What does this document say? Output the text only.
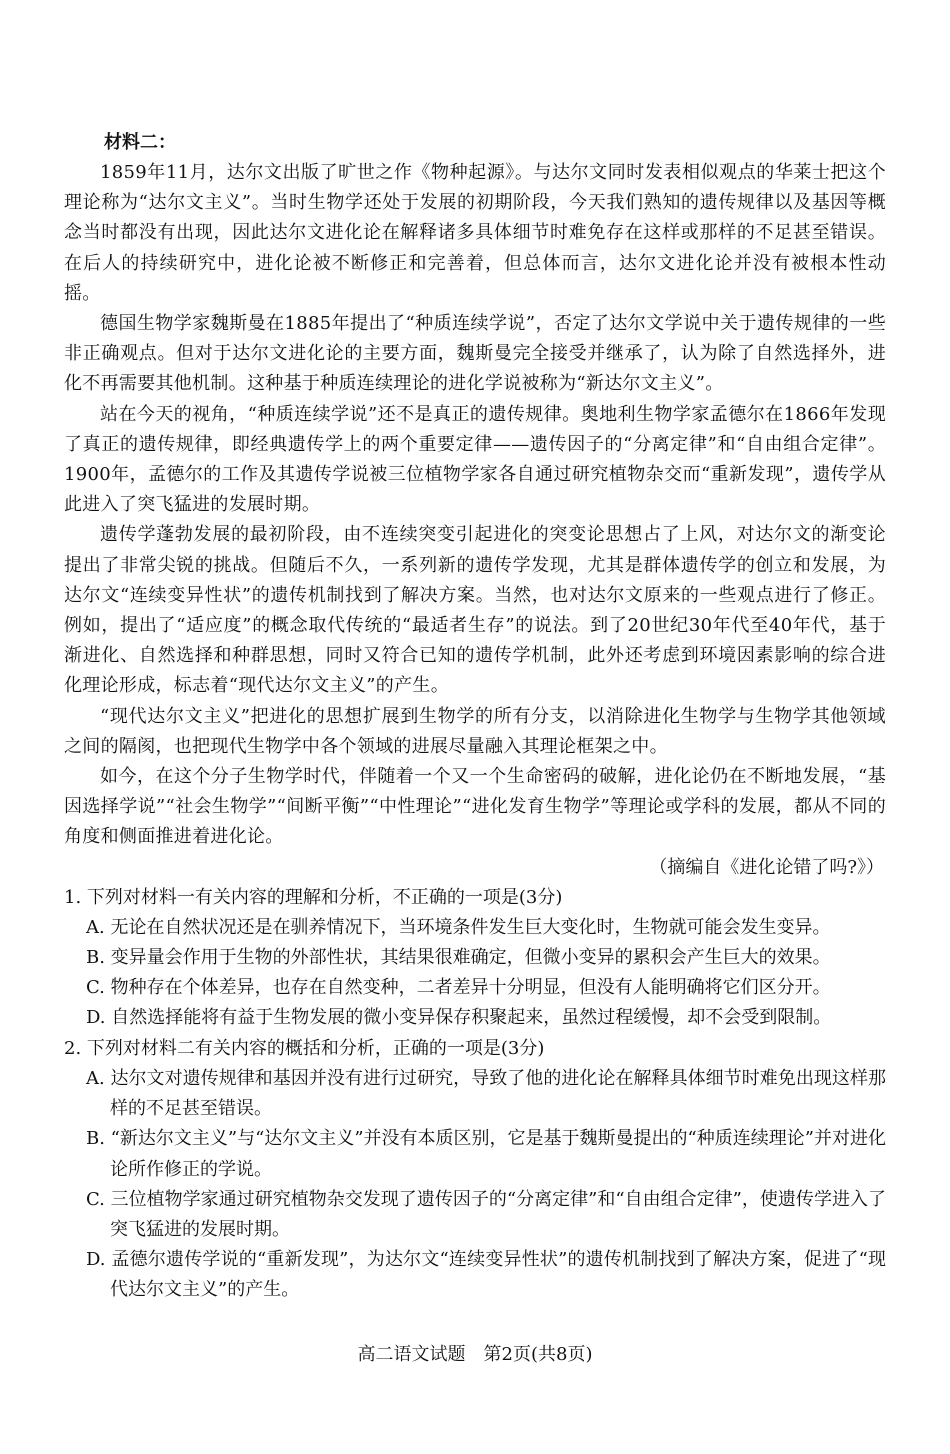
材料二：

1859年11月，达尔文出版了旷世之作《物种起源》。与达尔文同时发表相似观点的华莱士把这个理论称为“达尔文主义”。当时生物学还处于发展的初期阶段，今天我们熟知的遗传规律以及基因等概念当时都没有出现，因此达尔文进化论在解释诸多具体细节时难免存在这样或那样的不足甚至错误。在后人的持续研究中，进化论被不断修正和完善着，但总体而言，达尔文进化论并没有被根本性动摇。

德国生物学家魏斯曼在1885年提出了“种质连续学说”，否定了达尔文学说中关于遗传规律的一些非正确观点。但对于达尔文进化论的主要方面，魏斯曼完全接受并继承了，认为除了自然选择外，进化不再需要其他机制。这种基于种质连续理论的进化学说被称为“新达尔文主义”。

站在今天的视角，“种质连续学说”还不是真正的遗传规律。奥地利生物学家孟德尔在1866年发现了真正的遗传规律，即经典遗传学上的两个重要定律——遗传因子的“分离定律”和“自由组合定律”。1900年，孟德尔的工作及其遗传学说被三位植物学家各自通过研究植物杂交而“重新发现”，遗传学从此进入了突飞猛进的发展时期。

遗传学蓬勃发展的最初阶段，由不连续突变引起进化的突变论思想占了上风，对达尔文的渐变论提出了非常尖锐的挑战。但随后不久，一系列新的遗传学发现，尤其是群体遗传学的创立和发展，为达尔文“连续变异性状”的遗传机制找到了解决方案。当然，也对达尔文原来的一些观点进行了修正。例如，提出了“适应度”的概念取代传统的“最适者生存”的说法。到了20世纪30年代至40年代，基于渐进化、自然选择和种群思想，同时又符合已知的遗传学机制，此外还考虑到环境因素影响的综合进化理论形成，标志着“现代达尔文主义”的产生。

“现代达尔文主义”把进化的思想扩展到生物学的所有分支，以消除进化生物学与生物学其他领域之间的隔阂，也把现代生物学中各个领域的进展尽量融入其理论框架之中。

如今，在这个分子生物学时代，伴随着一个又一个生命密码的破解，进化论仍在不断地发展，“基因选择学说”“社会生物学”“间断平衡”“中性理论”“进化发育生物学”等理论或学科的发展，都从不同的角度和侧面推进着进化论。

（摘编自《进化论错了吗?》）

1. 下列对材料一有关内容的理解和分析，不正确的一项是(3分)

A. 无论在自然状况还是在驯养情况下，当环境条件发生巨大变化时，生物就可能会发生变异。

B. 变异量会作用于生物的外部性状，其结果很难确定，但微小变异的累积会产生巨大的效果。

C. 物种存在个体差异，也存在自然变种，二者差异十分明显，但没有人能明确将它们区分开。

D. 自然选择能将有益于生物发展的微小变异保存积聚起来，虽然过程缓慢，却不会受到限制。

2. 下列对材料二有关内容的概括和分析，正确的一项是(3分)

A. 达尔文对遗传规律和基因并没有进行过研究，导致了他的进化论在解释具体细节时难免出现这样那样的不足甚至错误。

B. “新达尔文主义”与“达尔文主义”并没有本质区别，它是基于魏斯曼提出的“种质连续理论”并对进化论所作修正的学说。

C. 三位植物学家通过研究植物杂交发现了遗传因子的“分离定律”和“自由组合定律”，使遗传学进入了突飞猛进的发展时期。

D. 孟德尔遗传学说的“重新发现”，为达尔文“连续变异性状”的遗传机制找到了解决方案，促进了“现代达尔文主义”的产生。

高二语文试题　第2页(共8页)
